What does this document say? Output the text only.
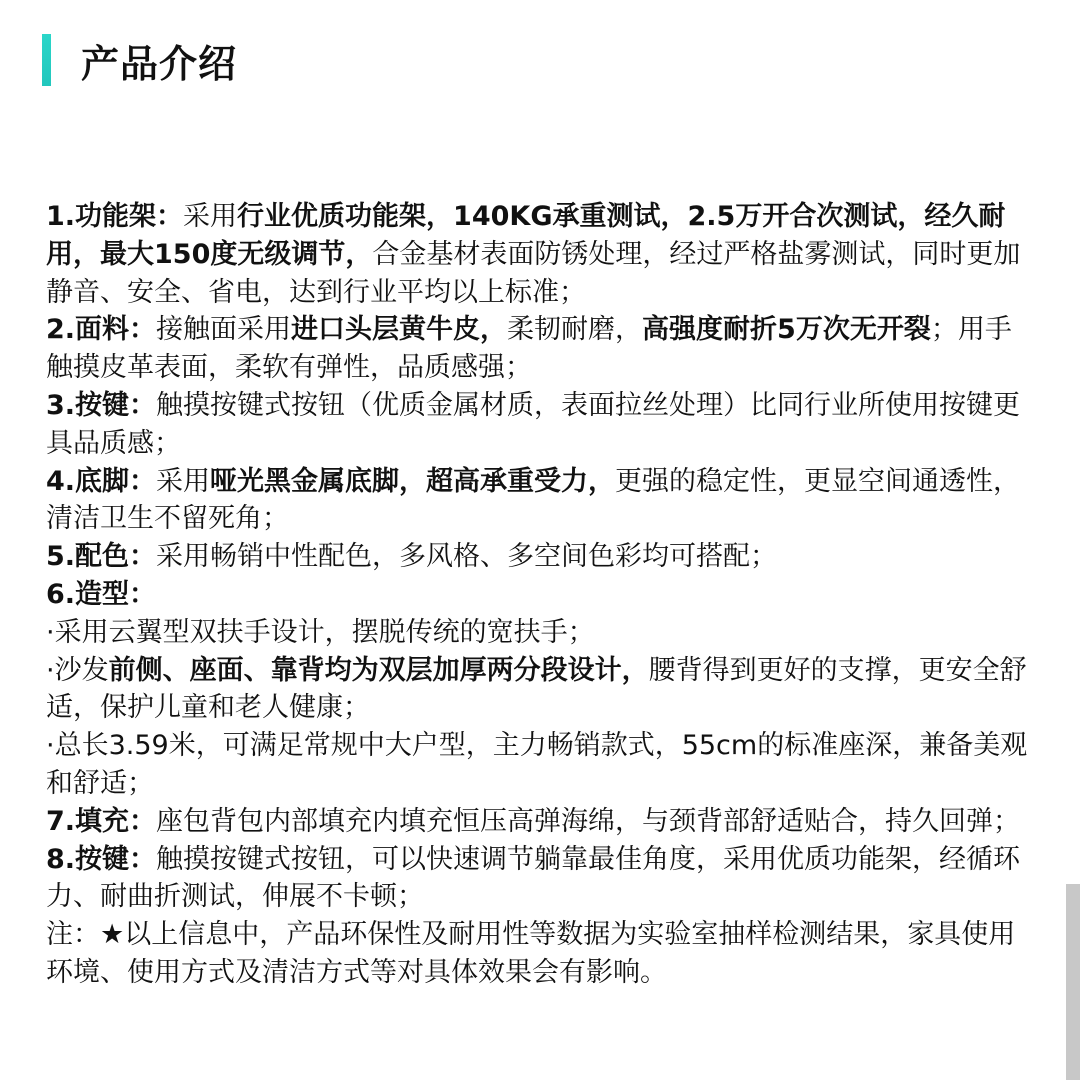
产品介绍

1.功能架：采用行业优质功能架，140KG承重测试，2.5万开合次测试，经久耐用，最大150度无级调节，合金基材表面防锈处理，经过严格盐雾测试，同时更加静音、安全、省电，达到行业平均以上标准；

2.面料：接触面采用进口头层黄牛皮，柔韧耐磨，高强度耐折5万次无开裂；用手触摸皮革表面，柔软有弹性，品质感强；

3.按键：触摸按键式按钮（优质金属材质，表面拉丝处理）比同行业所使用按键更具品质感；

4.底脚：采用哑光黑金属底脚，超高承重受力，更强的稳定性，更显空间通透性，清洁卫生不留死角；

5.配色：采用畅销中性配色，多风格、多空间色彩均可搭配；

6.造型：

·采用云翼型双扶手设计，摆脱传统的宽扶手；

·沙发前侧、座面、靠背均为双层加厚两分段设计，腰背得到更好的支撑，更安全舒适，保护儿童和老人健康；

·总长3.59米，可满足常规中大户型，主力畅销款式，55cm的标准座深，兼备美观和舒适；

7.填充：座包背包内部填充内填充恒压高弹海绵，与颈背部舒适贴合，持久回弹；

8.按键：触摸按键式按钮，可以快速调节躺靠最佳角度，采用优质功能架，经循环力、耐曲折测试，伸展不卡顿；

注：★以上信息中，产品环保性及耐用性等数据为实验室抽样检测结果，家具使用环境、使用方式及清洁方式等对具体效果会有影响。
